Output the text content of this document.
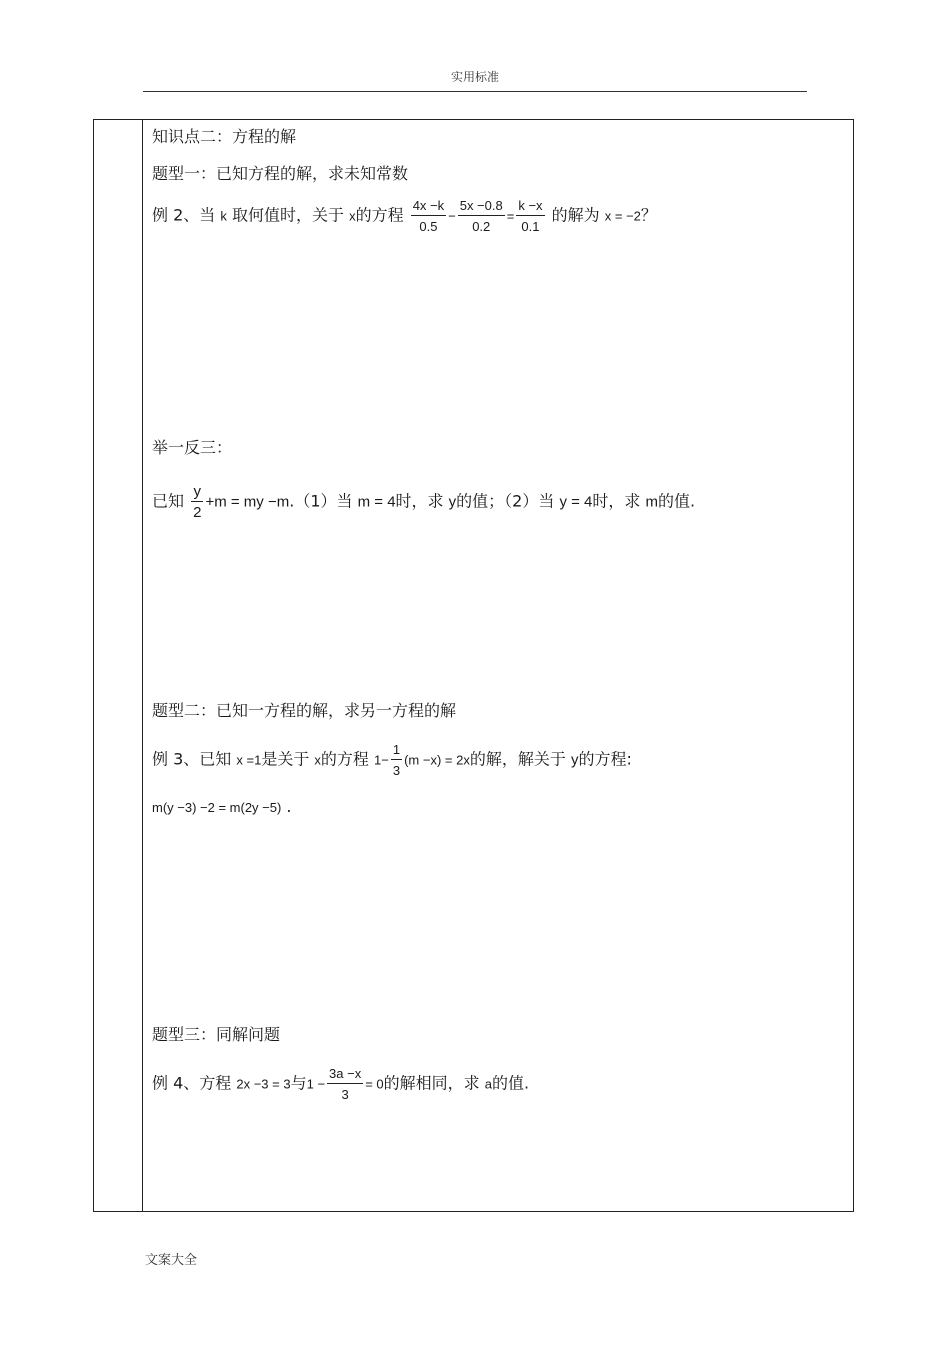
实用标准
知识点二：方程的解
题型一：已知方程的解，求未知常数
例 2、当 k 取何值时，关于 x的方程 $\frac{4x -k}{0.5} - \frac{5x -0.8}{0.2} = \frac{k -x}{0.1}$ 的解为 x = −2？
举一反三：
已知 $\frac{y}{2} +m$ = my −m.（1）当 m = 4时，求 y的值；（2）当 y = 4时，求 m的值.
题型二：已知一方程的解，求另一方程的解
例 3、已知 x =1是关于 x的方程 $1- \frac{1}{3} (m -x) = 2x$的解，解关于 y的方程:
m(y −3) −2 = m(2y −5) .
题型三：同解问题
例 4、方程 2x −3 = 3与$1 - \frac{3a -x}{3} = 0$的解相同，求 a的值.
文案大全
